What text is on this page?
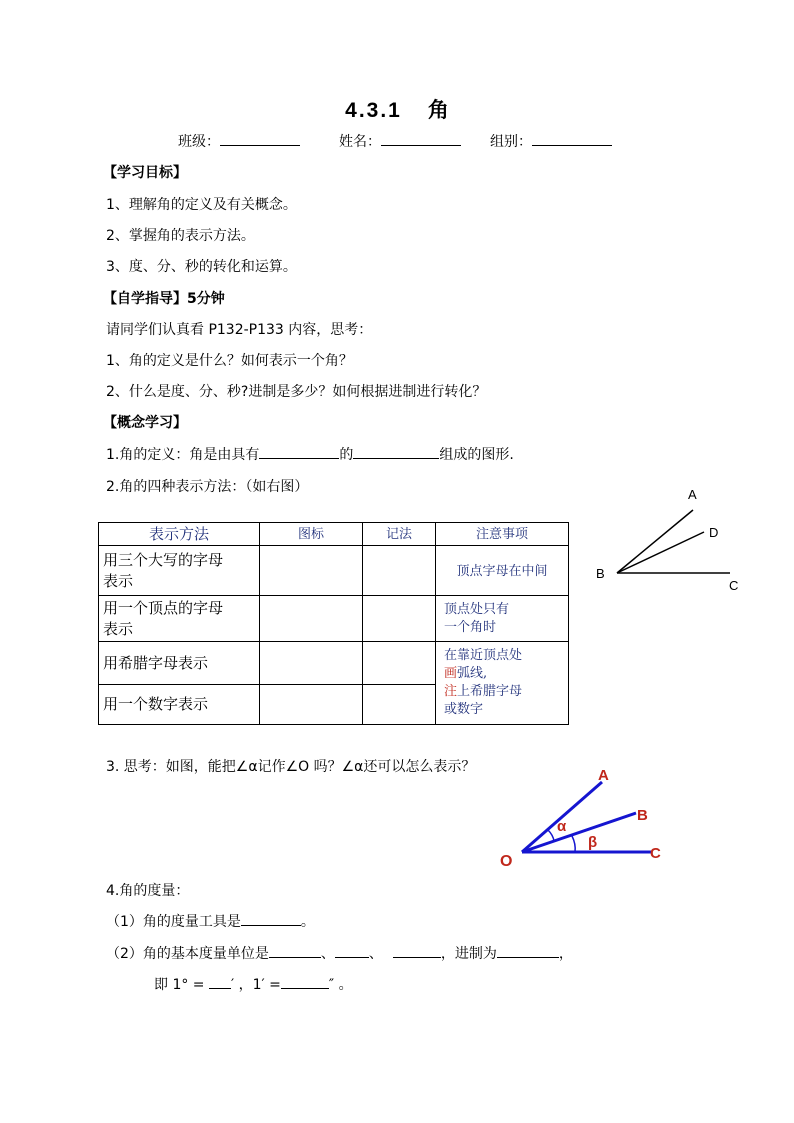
4.3.1 角
班级：	姓名：	组别：
【学习目标】
1、理解角的定义及有关概念。
2、掌握角的表示方法。
3、度、分、秒的转化和运算。
【自学指导】5分钟
请同学们认真看 P132-P133 内容，思考：
1、角的定义是什么？如何表示一个角？
2、什么是度、分、秒?进制是多少？如何根据进制进行转化？
【概念学习】
1.角的定义：角是由具有	的	组成的图形.
2.角的四种表示方法：（如右图）	A
D
B
C
表示方法	图标	记法	注意事项
用三个大写的字母
表示			顶点字母在中间
用一个顶点的字母
表示			顶点处只有
一个角时

用希腊字母表示			在靠近顶点处
画弧线,
注上希腊字母
或数字

用一个数字表示			
3. 思考：如图，能把∠α记作∠O 吗？∠α还可以怎么表示？	A
B
O	C
α
β
4.角的度量：
（1）角的度量工具是	。
（2）角的基本度量单位是	、 、	，进制为	，
即 1° = ′ ，1′ =	″ 。
